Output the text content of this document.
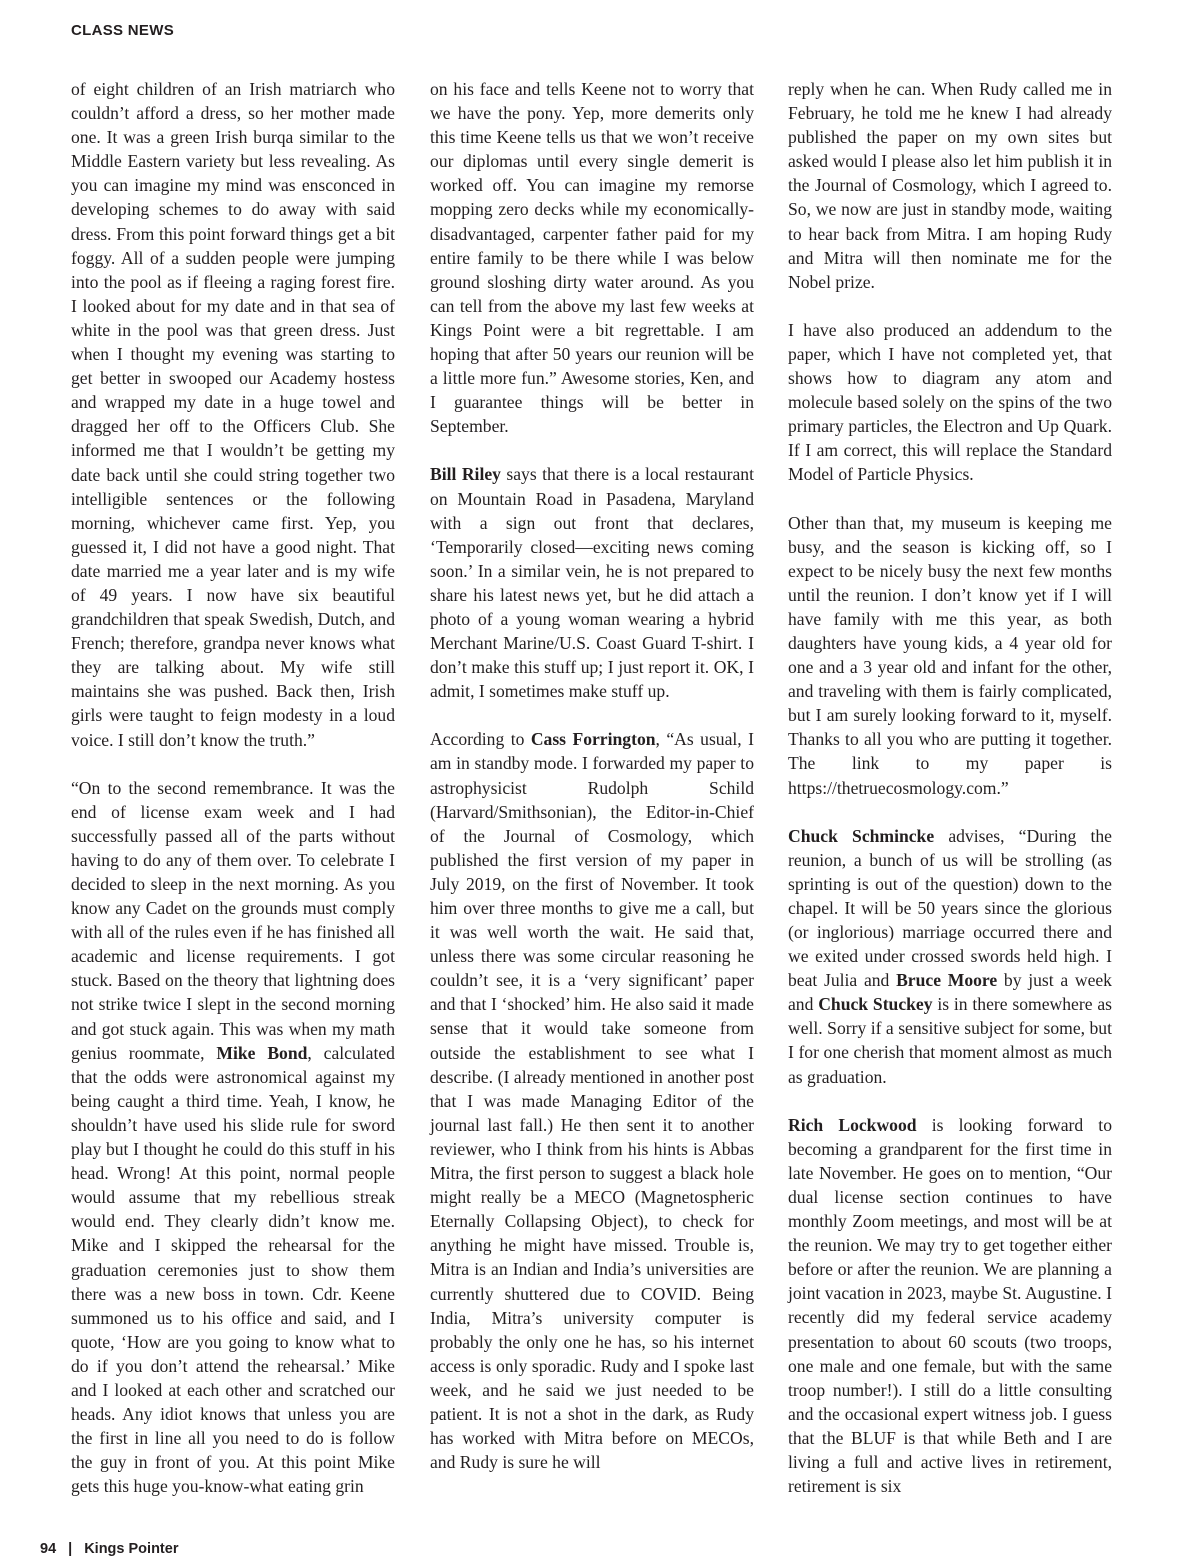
CLASS NEWS

of eight children of an Irish matriarch who couldn’t afford a dress, so her mother made one. It was a green Irish burqa similar to the Middle Eastern variety but less revealing. As you can imagine my mind was ensconced in developing schemes to do away with said dress. From this point forward things get a bit foggy. All of a sudden people were jumping into the pool as if fleeing a raging forest fire. I looked about for my date and in that sea of white in the pool was that green dress. Just when I thought my evening was starting to get better in swooped our Academy hostess and wrapped my date in a huge towel and dragged her off to the Officers Club. She informed me that I wouldn’t be getting my date back until she could string together two intelligible sentences or the following morning, whichever came first. Yep, you guessed it, I did not have a good night. That date married me a year later and is my wife of 49 years. I now have six beautiful grandchildren that speak Swedish, Dutch, and French; therefore, grandpa never knows what they are talking about. My wife still maintains she was pushed. Back then, Irish girls were taught to feign modesty in a loud voice. I still don’t know the truth.”

“On to the second remembrance. It was the end of license exam week and I had successfully passed all of the parts without having to do any of them over. To celebrate I decided to sleep in the next morning. As you know any Cadet on the grounds must comply with all of the rules even if he has finished all academic and license requirements. I got stuck. Based on the theory that lightning does not strike twice I slept in the second morning and got stuck again. This was when my math genius roommate, Mike Bond, calculated that the odds were astronomical against my being caught a third time. Yeah, I know, he shouldn’t have used his slide rule for sword play but I thought he could do this stuff in his head. Wrong! At this point, normal people would assume that my rebellious streak would end. They clearly didn’t know me. Mike and I skipped the rehearsal for the graduation ceremonies just to show them there was a new boss in town. Cdr. Keene summoned us to his office and said, and I quote, ‘How are you going to know what to do if you don’t attend the rehearsal.’ Mike and I looked at each other and scratched our heads. Any idiot knows that unless you are the first in line all you need to do is follow the guy in front of you. At this point Mike gets this huge you-know-what eating grin

on his face and tells Keene not to worry that we have the pony. Yep, more demerits only this time Keene tells us that we won’t receive our diplomas until every single demerit is worked off. You can imagine my remorse mopping zero decks while my economically-disadvantaged, carpenter father paid for my entire family to be there while I was below ground sloshing dirty water around. As you can tell from the above my last few weeks at Kings Point were a bit regrettable. I am hoping that after 50 years our reunion will be a little more fun.” Awesome stories, Ken, and I guarantee things will be better in September.

Bill Riley says that there is a local restaurant on Mountain Road in Pasadena, Maryland with a sign out front that declares, ‘Temporarily closed—exciting news coming soon.’ In a similar vein, he is not prepared to share his latest news yet, but he did attach a photo of a young woman wearing a hybrid Merchant Marine/U.S. Coast Guard T-shirt. I don’t make this stuff up; I just report it. OK, I admit, I sometimes make stuff up.

According to Cass Forrington, “As usual, I am in standby mode. I forwarded my paper to astrophysicist Rudolph Schild (Harvard/Smithsonian), the Editor-in-Chief of the Journal of Cosmology, which published the first version of my paper in July 2019, on the first of November. It took him over three months to give me a call, but it was well worth the wait. He said that, unless there was some circular reasoning he couldn’t see, it is a ‘very significant’ paper and that I ‘shocked’ him. He also said it made sense that it would take someone from outside the establishment to see what I describe. (I already mentioned in another post that I was made Managing Editor of the journal last fall.) He then sent it to another reviewer, who I think from his hints is Abbas Mitra, the first person to suggest a black hole might really be a MECO (Magnetospheric Eternally Collapsing Object), to check for anything he might have missed. Trouble is, Mitra is an Indian and India’s universities are currently shuttered due to COVID. Being India, Mitra’s university computer is probably the only one he has, so his internet access is only sporadic. Rudy and I spoke last week, and he said we just needed to be patient. It is not a shot in the dark, as Rudy has worked with Mitra before on MECOs, and Rudy is sure he will

reply when he can. When Rudy called me in February, he told me he knew I had already published the paper on my own sites but asked would I please also let him publish it in the Journal of Cosmology, which I agreed to. So, we now are just in standby mode, waiting to hear back from Mitra. I am hoping Rudy and Mitra will then nominate me for the Nobel prize.

I have also produced an addendum to the paper, which I have not completed yet, that shows how to diagram any atom and molecule based solely on the spins of the two primary particles, the Electron and Up Quark. If I am correct, this will replace the Standard Model of Particle Physics.

Other than that, my museum is keeping me busy, and the season is kicking off, so I expect to be nicely busy the next few months until the reunion. I don’t know yet if I will have family with me this year, as both daughters have young kids, a 4 year old for one and a 3 year old and infant for the other, and traveling with them is fairly complicated, but I am surely looking forward to it, myself. Thanks to all you who are putting it together. The link to my paper is https://thetruecosmology.com.”

Chuck Schmincke advises, “During the reunion, a bunch of us will be strolling (as sprinting is out of the question) down to the chapel. It will be 50 years since the glorious (or inglorious) marriage occurred there and we exited under crossed swords held high. I beat Julia and Bruce Moore by just a week and Chuck Stuckey is in there somewhere as well. Sorry if a sensitive subject for some, but I for one cherish that moment almost as much as graduation.

Rich Lockwood is looking forward to becoming a grandparent for the first time in late November. He goes on to mention, “Our dual license section continues to have monthly Zoom meetings, and most will be at the reunion. We may try to get together either before or after the reunion. We are planning a joint vacation in 2023, maybe St. Augustine. I recently did my federal service academy presentation to about 60 scouts (two troops, one male and one female, but with the same troop number!). I still do a little consulting and the occasional expert witness job. I guess that the BLUF is that while Beth and I are living a full and active lives in retirement, retirement is six

94 | Kings Pointer
